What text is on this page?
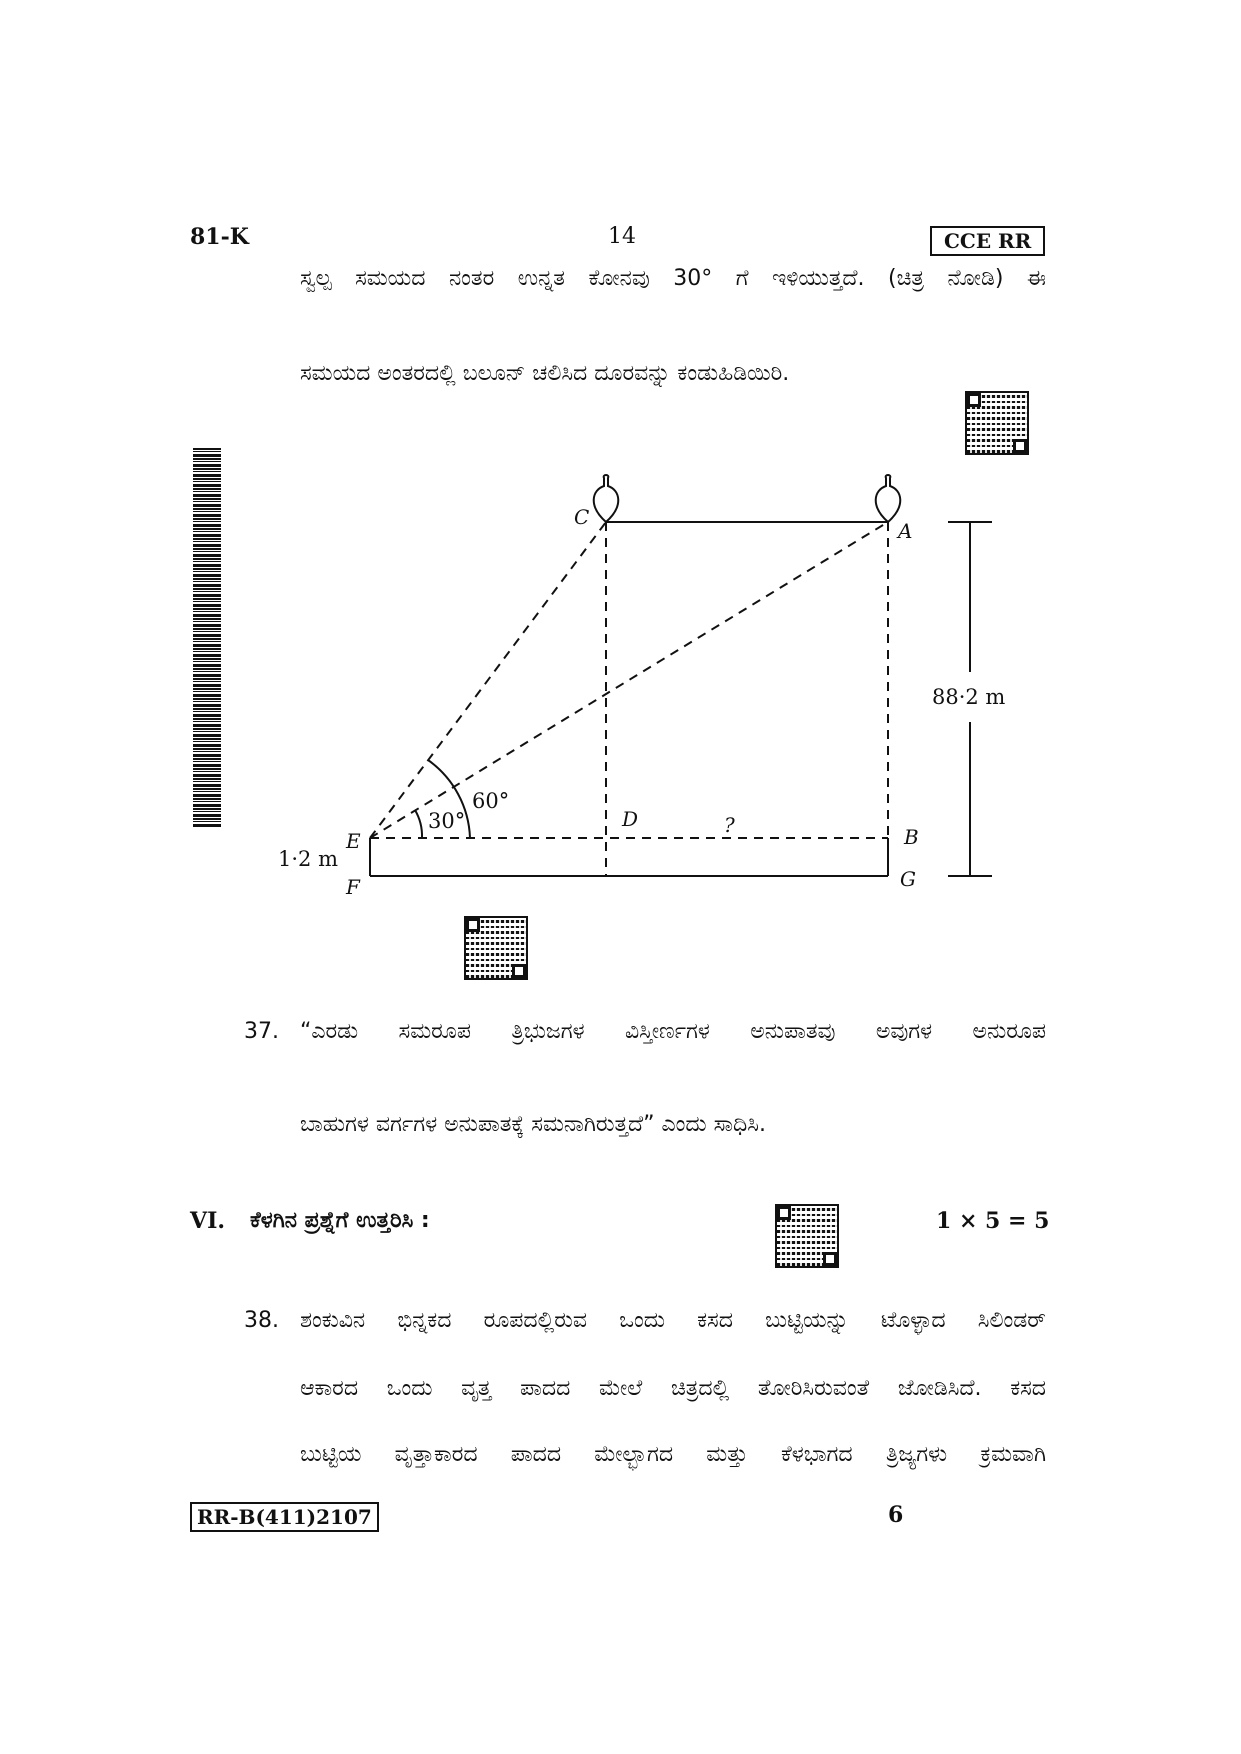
81-K	14	CCE RR
ಸ್ವಲ್ಪ ಸಮಯದ ನಂತರ ಉನ್ನತ ಕೋನವು 30° ಗೆ ಇಳಿಯುತ್ತದೆ. (ಚಿತ್ರ ನೋಡಿ) ಈ
ಸಮಯದ ಅಂತರದಲ್ಲಿ ಬಲೂನ್ ಚಲಿಸಿದ ದೂರವನ್ನು ಕಂಡುಹಿಡಿಯಿರಿ.
C
A
E
F
D
B
G
?
30°
60°
88·2 m
1·2 m
37. “ಎರಡು ಸಮರೂಪ ತ್ರಿಭುಜಗಳ ವಿಸ್ತೀರ್ಣಗಳ ಅನುಪಾತವು ಅವುಗಳ ಅನುರೂಪ
ಬಾಹುಗಳ ವರ್ಗಗಳ ಅನುಪಾತಕ್ಕೆ ಸಮನಾಗಿರುತ್ತದೆ” ಎಂದು ಸಾಧಿಸಿ.
VI. ಕೆಳಗಿನ ಪ್ರಶ್ನೆಗೆ ಉತ್ತರಿಸಿ :	1 × 5 = 5
38. ಶಂಕುವಿನ ಭಿನ್ನಕದ ರೂಪದಲ್ಲಿರುವ ಒಂದು ಕಸದ ಬುಟ್ಟಿಯನ್ನು ಟೊಳ್ಳಾದ ಸಿಲಿಂಡರ್
ಆಕಾರದ ಒಂದು ವೃತ್ತ ಪಾದದ ಮೇಲೆ ಚಿತ್ರದಲ್ಲಿ ತೋರಿಸಿರುವಂತೆ ಜೋಡಿಸಿದೆ. ಕಸದ
ಬುಟ್ಟಿಯ ವೃತ್ತಾಕಾರದ ಪಾದದ ಮೇಲ್ಭಾಗದ ಮತ್ತು ಕೆಳಭಾಗದ ತ್ರಿಜ್ಯಗಳು ಕ್ರಮವಾಗಿ
RR-B(411)2107	6
